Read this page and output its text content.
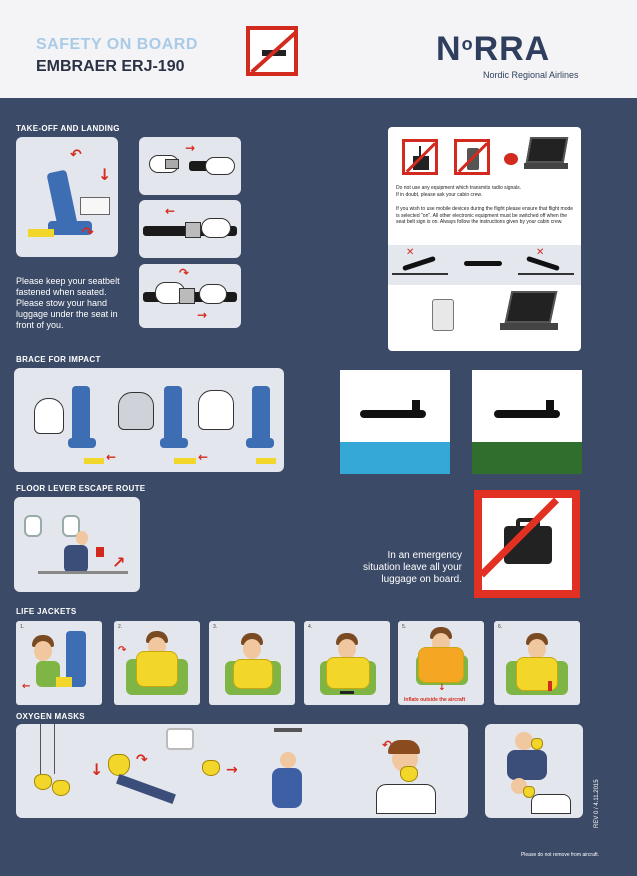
SAFETY ON BOARD
EMBRAER ERJ-190	$N^oRRA$
Nordic Regional Airlines
TAKE-OFF AND LANDING
↶
↓
↷
→
←
↷
→
Please keep your seatbelt fastened when seated. Please stow your hand luggage under the seat in front of you.
Do not use any equipment which transmits radio signals.
If in doubt, please ask your cabin crew.
If you wish to use mobile devices during the flight please ensure that flight mode is selected "on". All other electronic equipment must be switched off when the seat belt sign is on. Always follow the instructions given by your cabin crew.
✕	✕
BRACE FOR IMPACT
←	←
FLOOR LEVER ESCAPE ROUTE
↗	In an emergency situation leave all your luggage on board.
LIFE JACKETS
1.
←
2.
↷
3.	4.	5.
↓
Inflate outside the aircraft
6.
OXYGEN MASKS
↓ ↷
→
↶
Please do not remove from aircraft.
REV 0 / 4.11.2015
